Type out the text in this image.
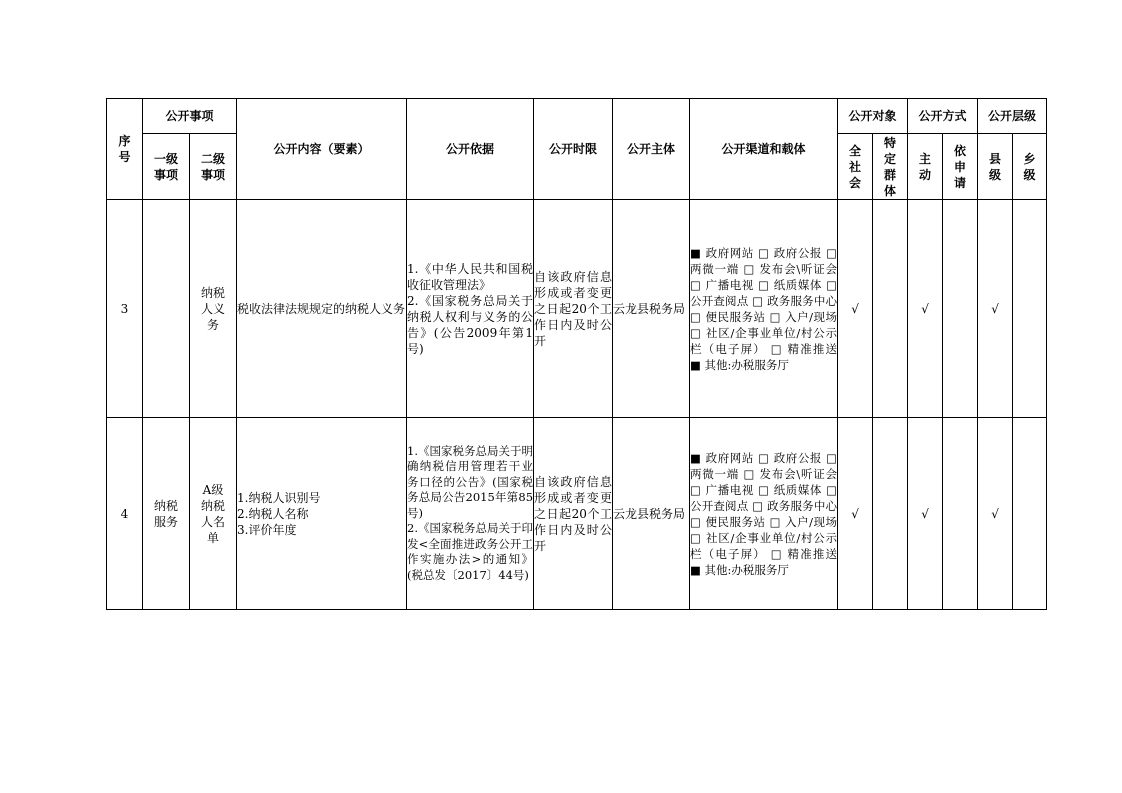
序号	公开事项		公开内容（要素）	公开依据	公开时限	公开主体	公开渠道和载体	公开对象		公开方式		公开层级	
	一级事项	二级事项						全社会	特定群体	主动	依申请	县级	乡级
3		纳税人义务	税收法律法规规定的纳税人义务	1.《中华人民共和国税收征收管理法》
2.《国家税务总局关于纳税人权利与义务的公告》(公告2009年第1号)	自该政府信息形成或者变更之日起20个工作日内及时公开	云龙县税务局	■ 政府网站 □ 政府公报 □ 两微一端 □ 发布会\听证会 □ 广播电视 □ 纸质媒体 □ 公开查阅点 □ 政务服务中心 □ 便民服务站 □ 入户/现场 □ 社区/企事业单位/村公示栏（电子屏） □ 精准推送 ■ 其他:办税服务厅	√		√		√	
4	纳税服务	A级纳税人名单	1.纳税人识别号
2.纳税人名称
3.评价年度	1.《国家税务总局关于明确纳税信用管理若干业务口径的公告》(国家税务总局公告2015年第85号)
2.《国家税务总局关于印发<全面推进政务公开工作实施办法>的通知》(税总发〔2017〕44号)	自该政府信息形成或者变更之日起20个工作日内及时公开	云龙县税务局	■ 政府网站 □ 政府公报 □ 两微一端 □ 发布会\听证会 □ 广播电视 □ 纸质媒体 □ 公开查阅点 □ 政务服务中心 □ 便民服务站 □ 入户/现场 □ 社区/企事业单位/村公示栏（电子屏） □ 精准推送 ■ 其他:办税服务厅	√		√		√	
